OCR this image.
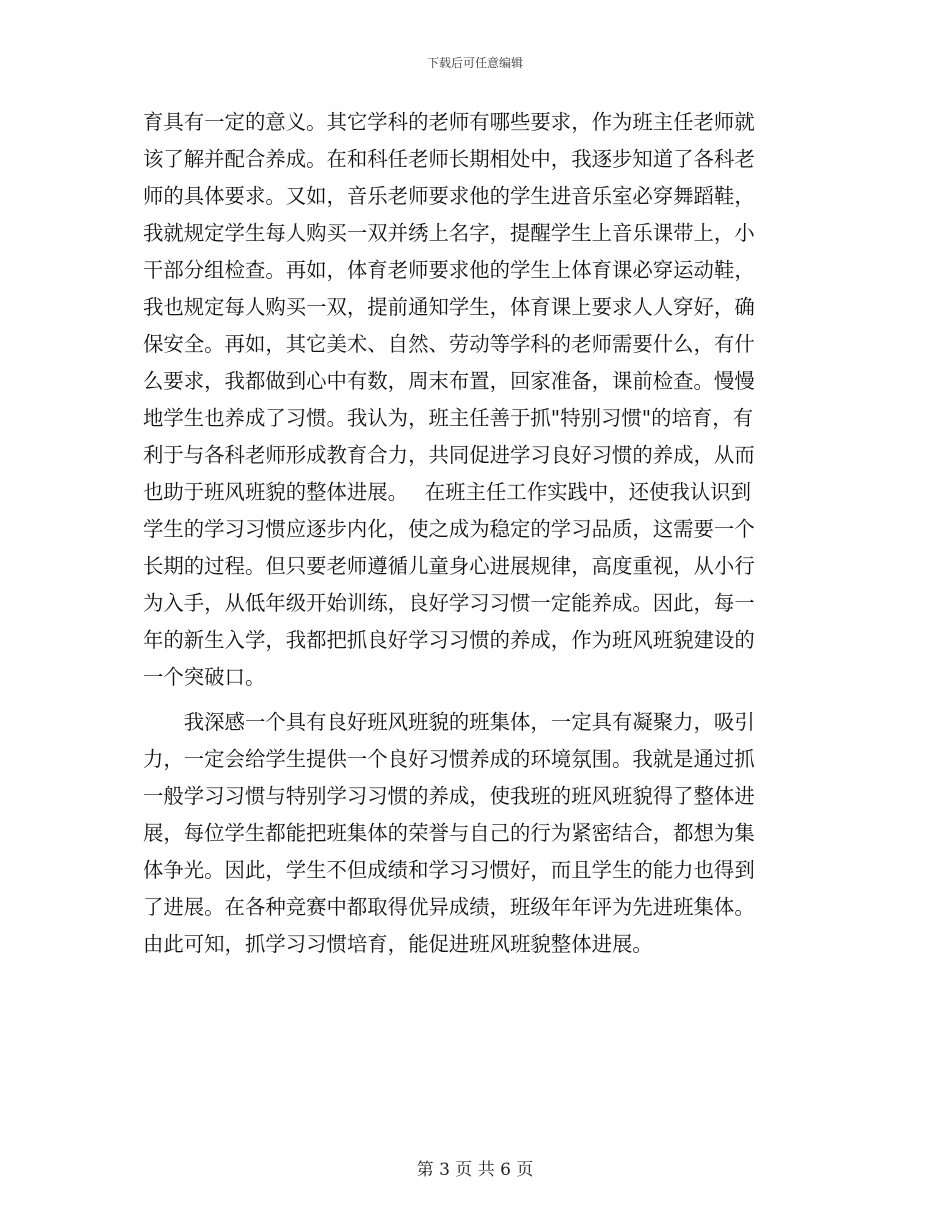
下载后可任意编辑
育具有一定的意义。其它学科的老师有哪些要求，作为班主任老师就
该了解并配合养成。在和科任老师长期相处中，我逐步知道了各科老
师的具体要求。又如，音乐老师要求他的学生进音乐室必穿舞蹈鞋，
我就规定学生每人购买一双并绣上名字，提醒学生上音乐课带上，小
干部分组检查。再如，体育老师要求他的学生上体育课必穿运动鞋，
我也规定每人购买一双，提前通知学生，体育课上要求人人穿好，确
保安全。再如，其它美术、自然、劳动等学科的老师需要什么，有什
么要求，我都做到心中有数，周末布置，回家准备，课前检查。慢慢
地学生也养成了习惯。我认为，班主任善于抓"特别习惯"的培育，有
利于与各科老师形成教育合力，共同促进学习良好习惯的养成，从而
也助于班风班貌的整体进展。　 在班主任工作实践中，还使我认识到
学生的学习习惯应逐步内化，使之成为稳定的学习品质，这需要一个
长期的过程。但只要老师遵循儿童身心进展规律，高度重视，从小行
为入手，从低年级开始训练，良好学习习惯一定能养成。因此，每一
年的新生入学，我都把抓良好学习习惯的养成，作为班风班貌建设的
一个突破口。
　　我深感一个具有良好班风班貌的班集体，一定具有凝聚力，吸引
力，一定会给学生提供一个良好习惯养成的环境氛围。我就是通过抓
一般学习习惯与特别学习习惯的养成，使我班的班风班貌得了整体进
展，每位学生都能把班集体的荣誉与自己的行为紧密结合，都想为集
体争光。因此，学生不但成绩和学习习惯好，而且学生的能力也得到
了进展。在各种竞赛中都取得优异成绩，班级年年评为先进班集体。
由此可知，抓学习习惯培育，能促进班风班貌整体进展。
第 3 页 共 6 页
